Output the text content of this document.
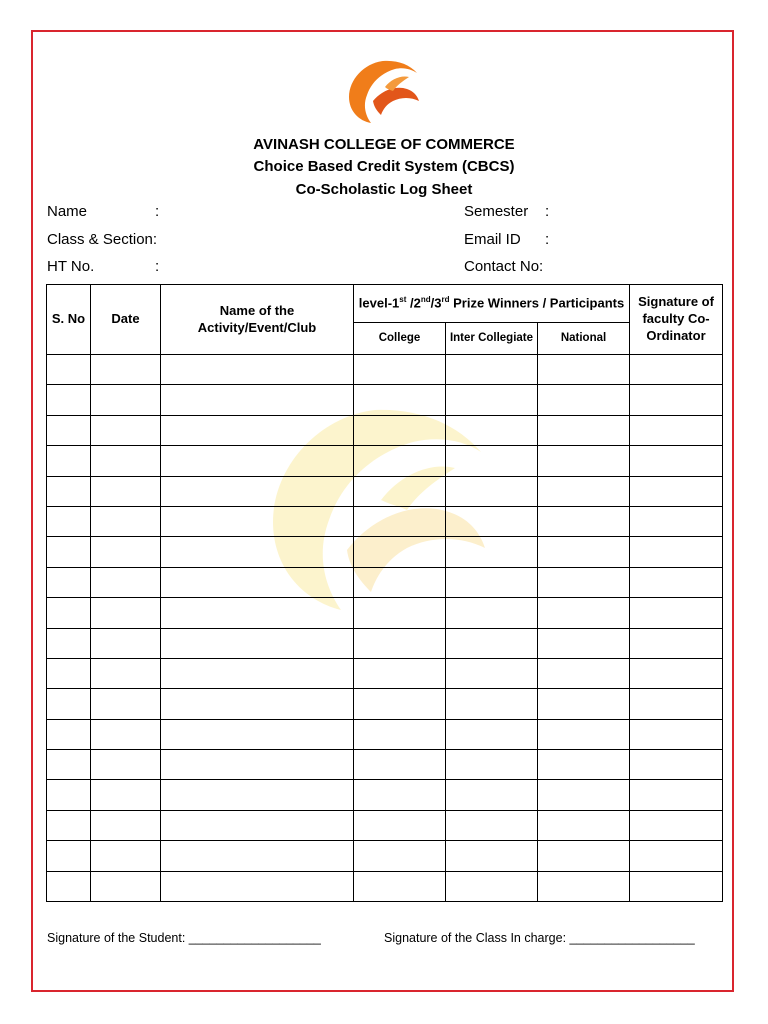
AVINASH COLLEGE OF COMMERCE
Choice Based Credit System (CBCS)
Co-Scholastic Log Sheet
Name	:
Class & Section:
HT No.	:
Semester :
Email ID :
Contact No:
S. No	Date	Name of the Activity/Event/Club	level-1st /2nd/3rd Prize Winners / Participants			Signature of faculty Co-Ordinator
			College	Inter Collegiate	National	

Signature of the Student: ___________________	Signature of the Class In charge: __________________
